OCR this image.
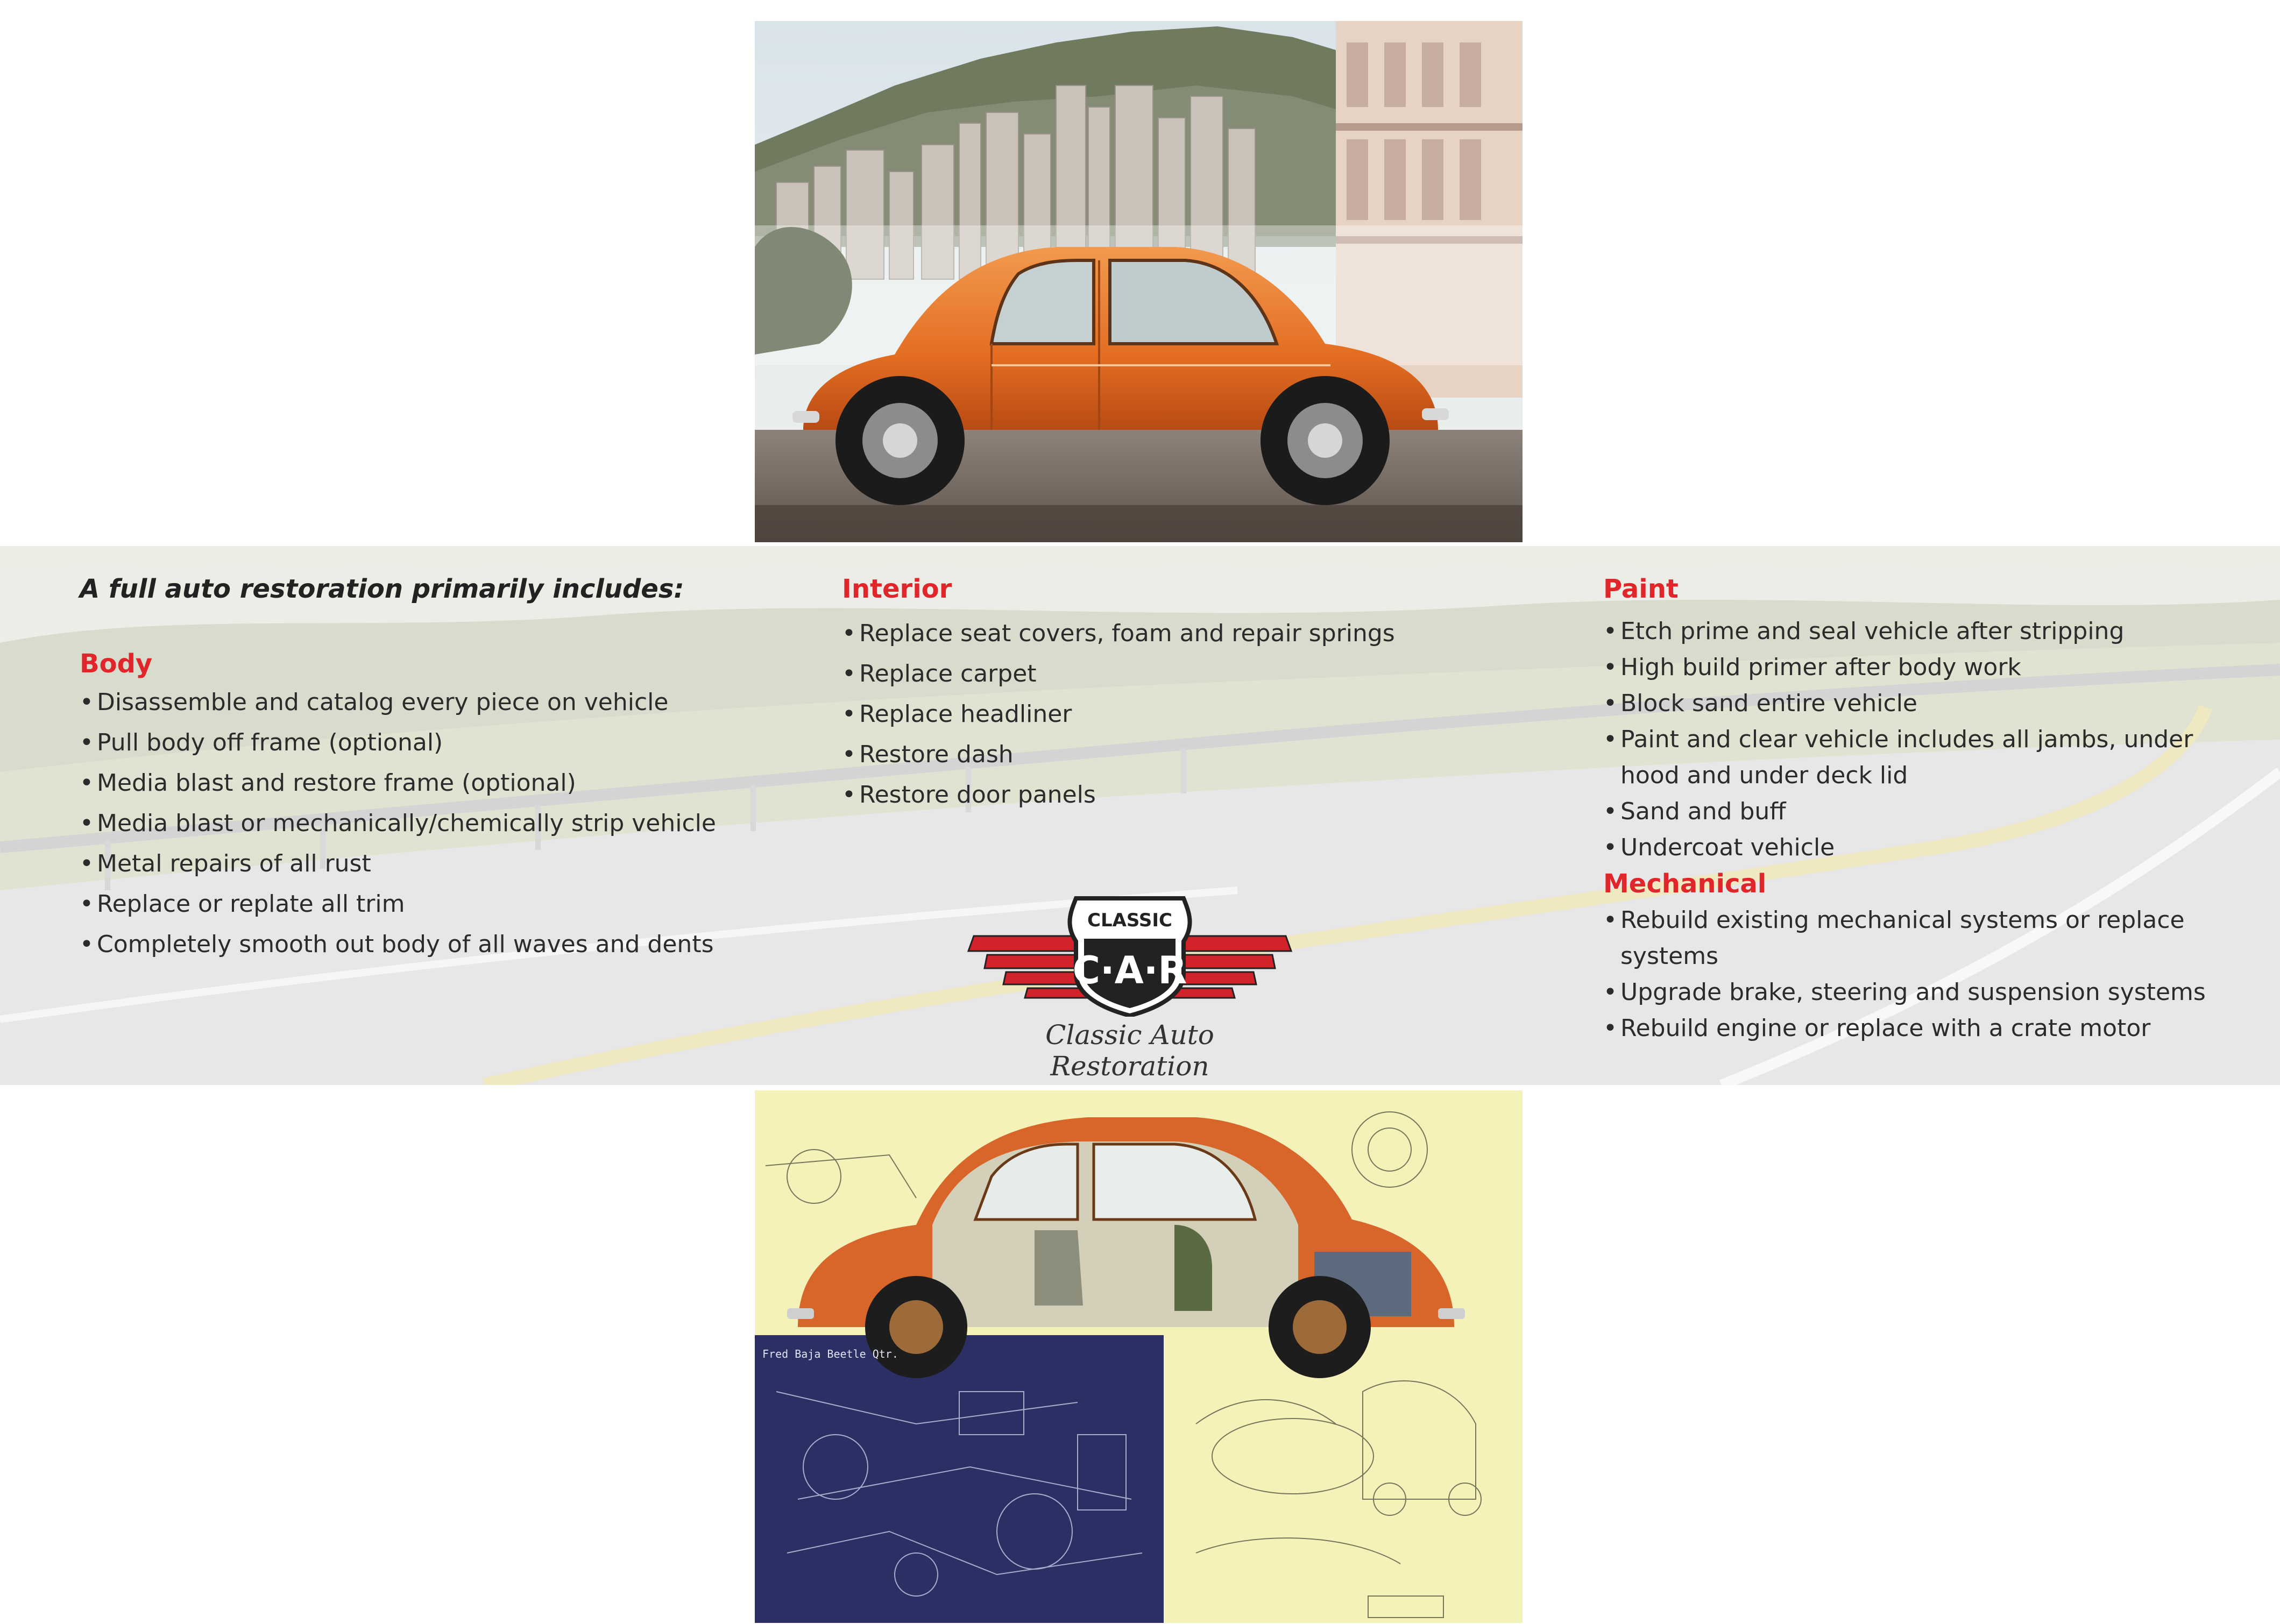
A full auto restoration primarily includes:

Body

• Disassemble and catalog every piece on vehicle
• Pull body off frame (optional)
• Media blast and restore frame (optional)
• Media blast or mechanically/chemically strip vehicle
• Metal repairs of all rust
• Replace or replate all trim
• Completely smooth out body of all waves and dents

Interior

• Replace seat covers, foam and repair springs
• Replace carpet
• Replace headliner
• Restore dash
• Restore door panels

Paint

• Etch prime and seal vehicle after stripping
• High build primer after body work
• Block sand entire vehicle
• Paint and clear vehicle includes all jambs, under hood and under deck lid
• Sand and buff
• Undercoat vehicle

Mechanical

• Rebuild existing mechanical systems or replace systems
• Upgrade brake, steering and suspension systems
• Rebuild engine or replace with a crate motor
CLASSIC
C·A·R
Classic Auto Restoration
Fred Baja Beetle Qtr.
